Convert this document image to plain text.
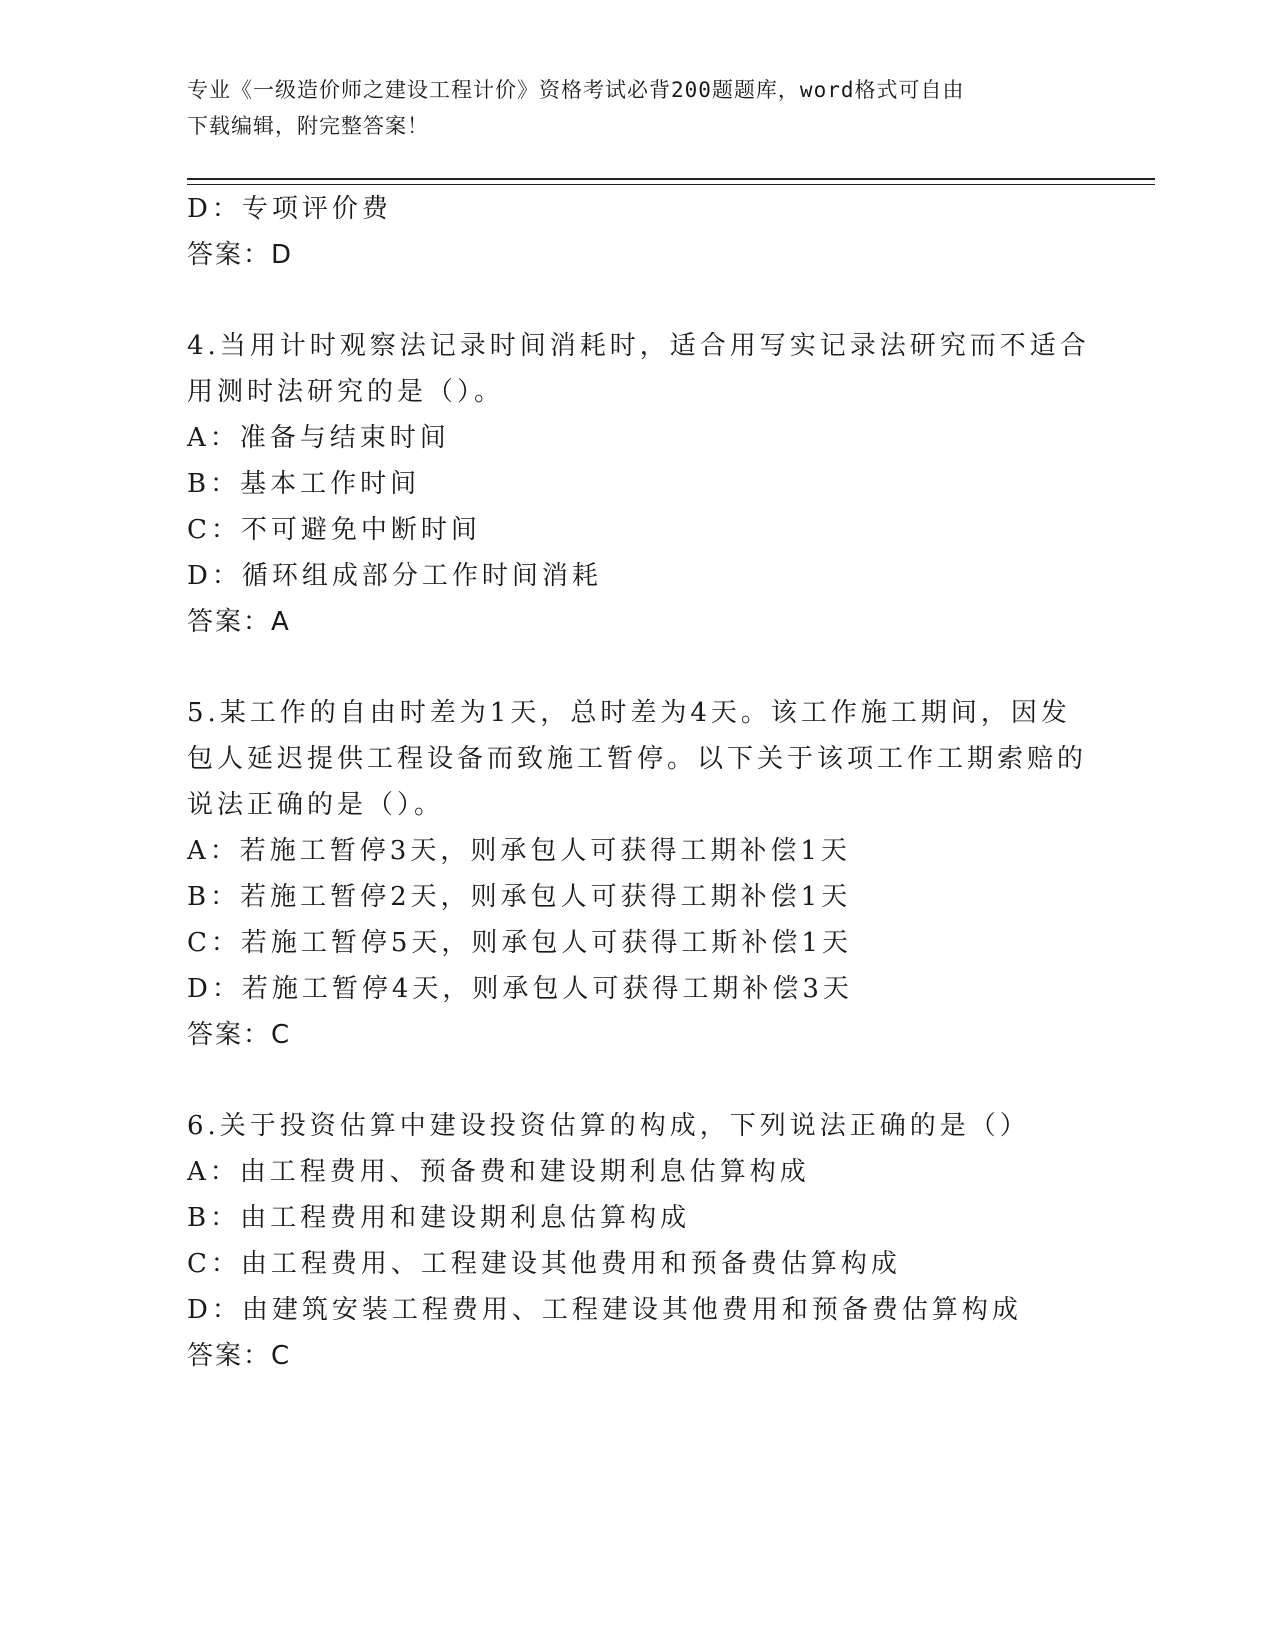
专业《一级造价师之建设工程计价》资格考试必背200题题库，word格式可自由
下载编辑，附完整答案！
D：专项评价费
答案：D
4.当用计时观察法记录时间消耗时，适合用写实记录法研究而不适合
用测时法研究的是（）。
A：准备与结束时间
B：基本工作时间
C：不可避免中断时间
D：循环组成部分工作时间消耗
答案：A
5.某工作的自由时差为1天，总时差为4天。该工作施工期间，因发
包人延迟提供工程设备而致施工暂停。以下关于该项工作工期索赔的
说法正确的是（）。
A：若施工暂停3天，则承包人可获得工期补偿1天
B：若施工暂停2天，则承包人可获得工期补偿1天
C：若施工暂停5天，则承包人可获得工斯补偿1天
D：若施工暂停4天，则承包人可获得工期补偿3天
答案：C
6.关于投资估算中建设投资估算的构成，下列说法正确的是（）
A：由工程费用、预备费和建设期利息估算构成
B：由工程费用和建设期利息估算构成
C：由工程费用、工程建设其他费用和预备费估算构成
D：由建筑安装工程费用、工程建设其他费用和预备费估算构成
答案：C
